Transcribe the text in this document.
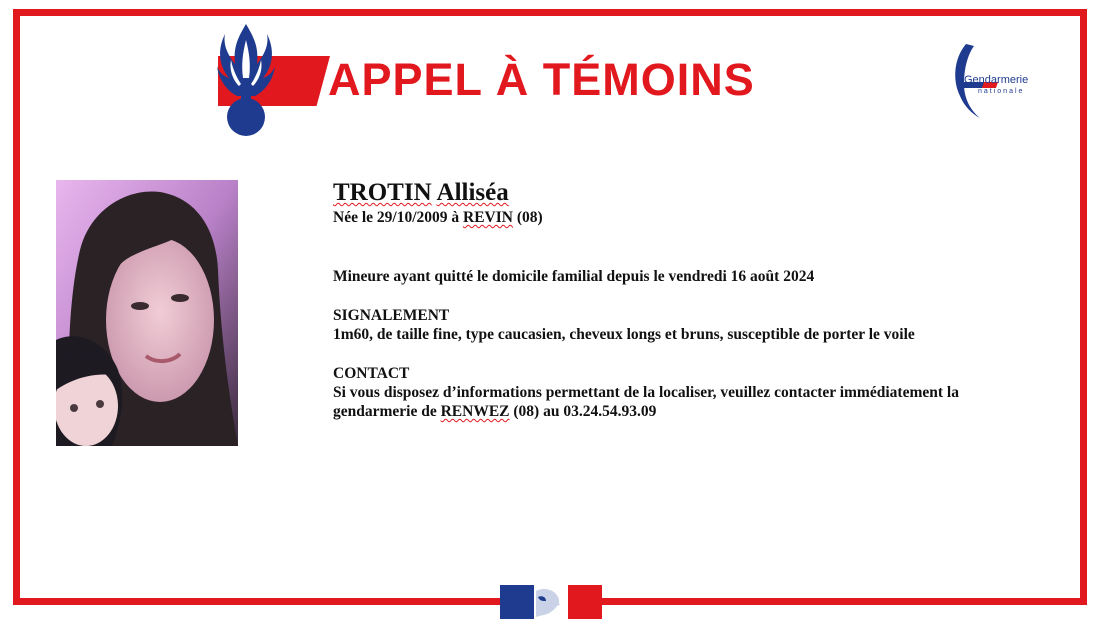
APPEL À TÉMOINS	Gendarmerie
nationale
TROTIN Alliséa
Née le 29/10/2009 à REVIN (08)
Mineure ayant quitté le domicile familial depuis le vendredi 16 août 2024
SIGNALEMENT
1m60, de taille fine, type caucasien, cheveux longs et bruns, susceptible de porter le voile
CONTACT
Si vous disposez d’informations permettant de la localiser, veuillez contacter immédiatement la
gendarmerie de RENWEZ (08) au 03.24.54.93.09
